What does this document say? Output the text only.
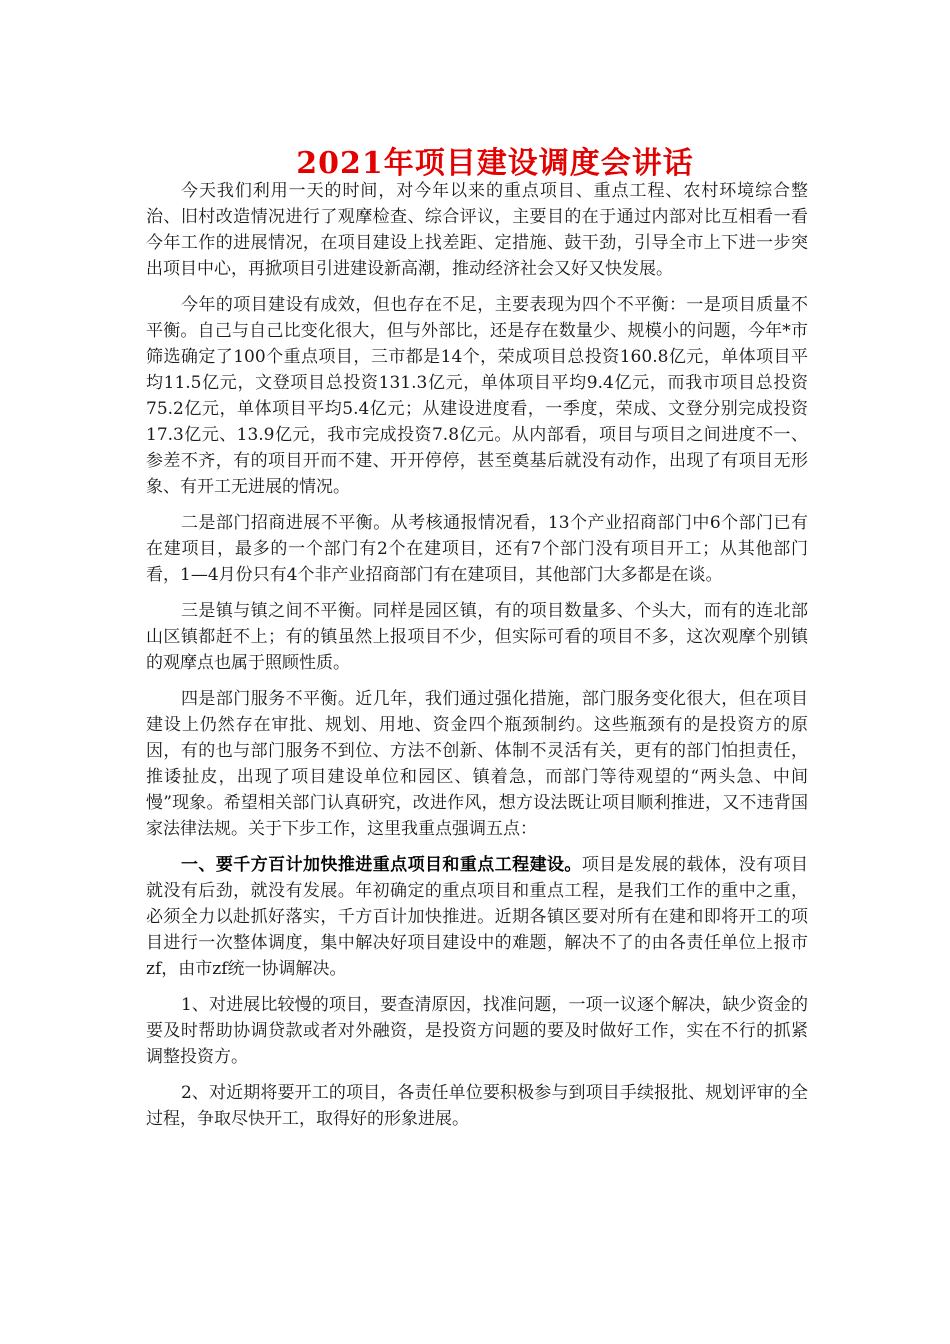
2021年项目建设调度会讲话

今天我们利用一天的时间，对今年以来的重点项目、重点工程、农村环境综合整治、旧村改造情况进行了观摩检查、综合评议，主要目的在于通过内部对比互相看一看今年工作的进展情况，在项目建设上找差距、定措施、鼓干劲，引导全市上下进一步突出项目中心，再掀项目引进建设新高潮，推动经济社会又好又快发展。

今年的项目建设有成效，但也存在不足，主要表现为四个不平衡：一是项目质量不平衡。自己与自己比变化很大，但与外部比，还是存在数量少、规模小的问题，今年*市筛选确定了100个重点项目，三市都是14个，荣成项目总投资160.8亿元，单体项目平均11.5亿元，文登项目总投资131.3亿元，单体项目平均9.4亿元，而我市项目总投资75.2亿元，单体项目平均5.4亿元；从建设进度看，一季度，荣成、文登分别完成投资17.3亿元、13.9亿元，我市完成投资7.8亿元。从内部看，项目与项目之间进度不一、参差不齐，有的项目开而不建、开开停停，甚至奠基后就没有动作，出现了有项目无形象、有开工无进展的情况。

二是部门招商进展不平衡。从考核通报情况看，13个产业招商部门中6个部门已有在建项目，最多的一个部门有2个在建项目，还有7个部门没有项目开工；从其他部门看，1—4月份只有4个非产业招商部门有在建项目，其他部门大多都是在谈。

三是镇与镇之间不平衡。同样是园区镇，有的项目数量多、个头大，而有的连北部山区镇都赶不上；有的镇虽然上报项目不少，但实际可看的项目不多，这次观摩个别镇的观摩点也属于照顾性质。

四是部门服务不平衡。近几年，我们通过强化措施，部门服务变化很大，但在项目建设上仍然存在审批、规划、用地、资金四个瓶颈制约。这些瓶颈有的是投资方的原因，有的也与部门服务不到位、方法不创新、体制不灵活有关，更有的部门怕担责任，推诿扯皮，出现了项目建设单位和园区、镇着急，而部门等待观望的“两头急、中间慢”现象。希望相关部门认真研究，改进作风，想方设法既让项目顺利推进，又不违背国家法律法规。关于下步工作，这里我重点强调五点：

一、要千方百计加快推进重点项目和重点工程建设。项目是发展的载体，没有项目就没有后劲，就没有发展。年初确定的重点项目和重点工程，是我们工作的重中之重，必须全力以赴抓好落实，千方百计加快推进。近期各镇区要对所有在建和即将开工的项目进行一次整体调度，集中解决好项目建设中的难题，解决不了的由各责任单位上报市zf，由市zf统一协调解决。

1、对进展比较慢的项目，要查清原因，找准问题，一项一议逐个解决，缺少资金的要及时帮助协调贷款或者对外融资，是投资方问题的要及时做好工作，实在不行的抓紧调整投资方。

2、对近期将要开工的项目，各责任单位要积极参与到项目手续报批、规划评审的全过程，争取尽快开工，取得好的形象进展。
